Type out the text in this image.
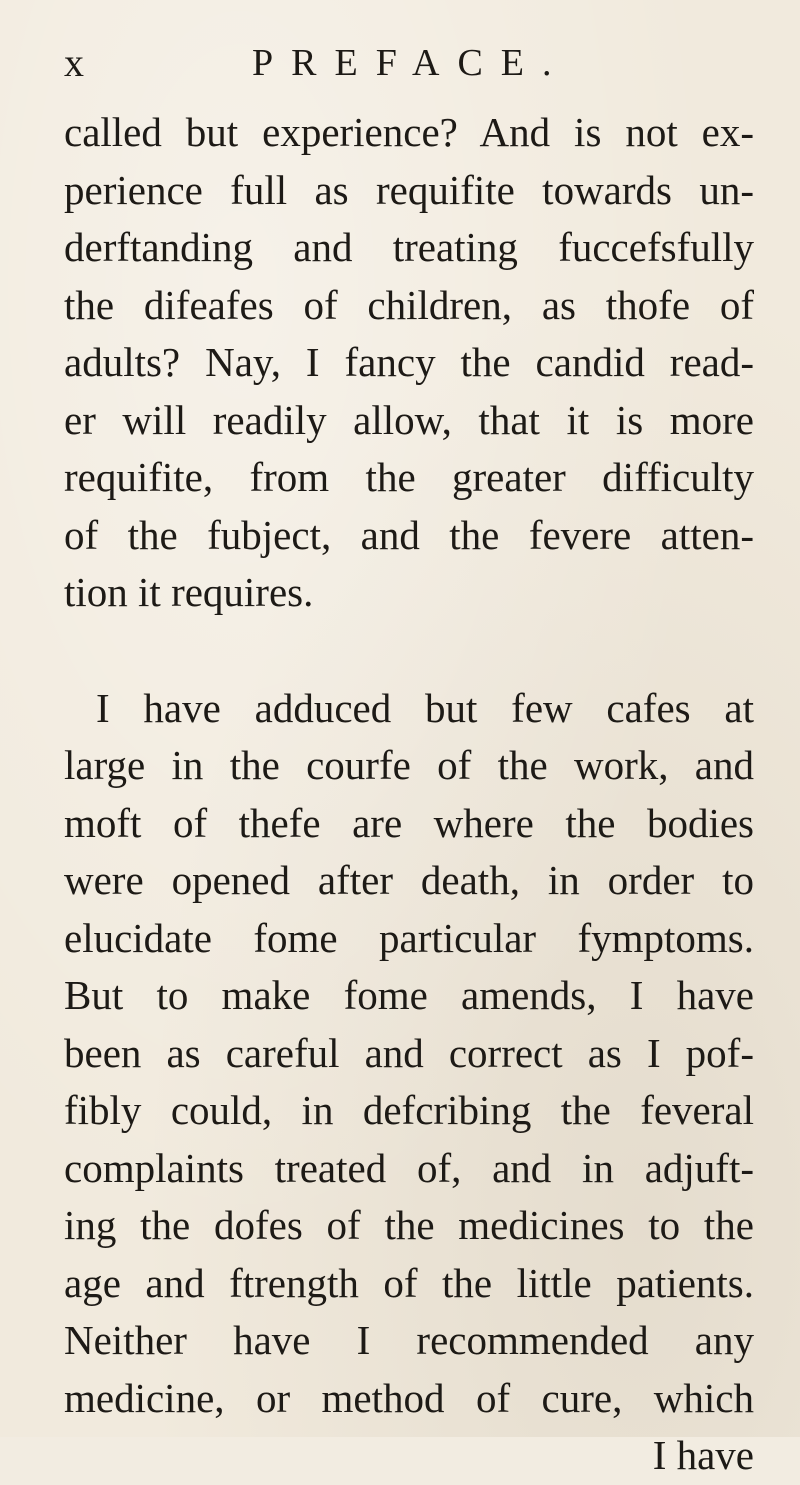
x	PREFACE.
called but experience? And is not ex-
perience full as requifite towards un-
derftanding and treating fuccefsfully
the difeafes of children, as thofe of
adults? Nay, I fancy the candid read-
er will readily allow, that it is more
requifite, from the greater difficulty
of the fubject, and the fevere atten-
tion it requires.
I have adduced but few cafes at
large in the courfe of the work, and
moft of thefe are where the bodies
were opened after death, in order to
elucidate fome particular fymptoms.
But to make fome amends, I have
been as careful and correct as I pof-
fibly could, in defcribing the feveral
complaints treated of, and in adjuft-
ing the dofes of the medicines to the
age and ftrength of the little patients.
Neither have I recommended any
medicine, or method of cure, which
I have
